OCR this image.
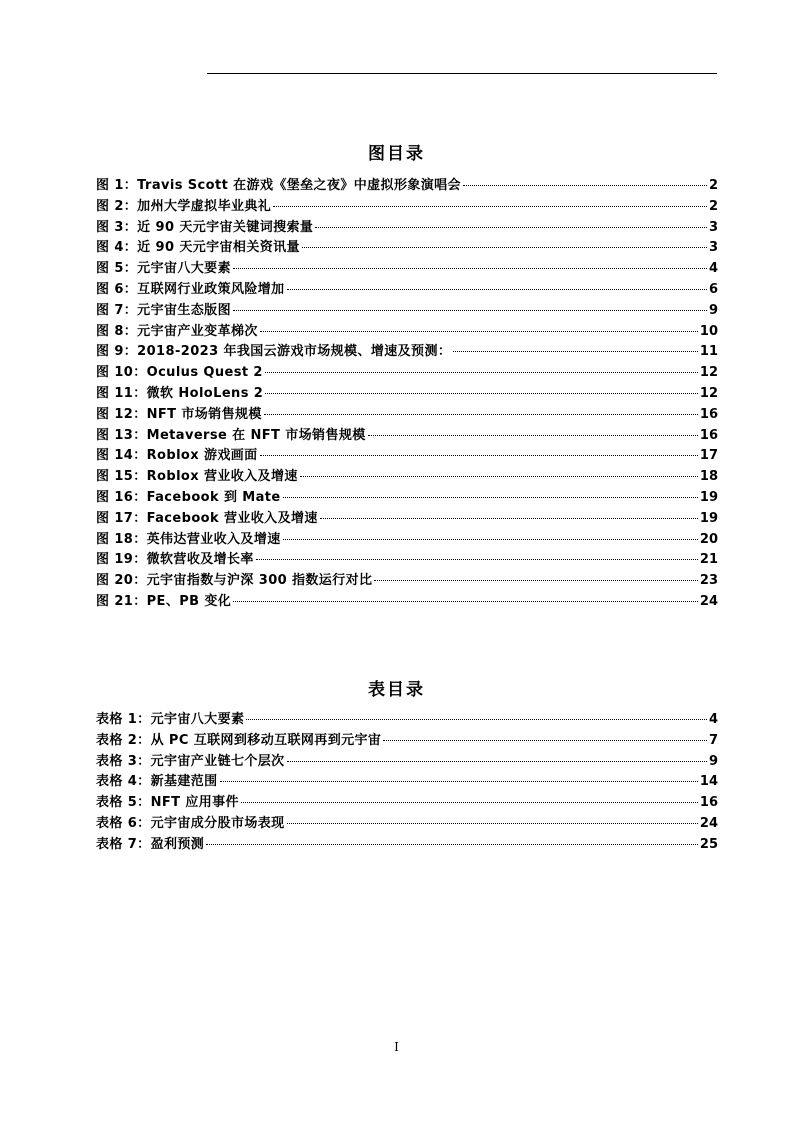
图目录
图 1：Travis Scott 在游戏《堡垒之夜》中虚拟形象演唱会	2
图 2：加州大学虚拟毕业典礼	2
图 3：近 90 天元宇宙关键词搜索量	3
图 4：近 90 天元宇宙相关资讯量	3
图 5：元宇宙八大要素	4
图 6：互联网行业政策风险增加	6
图 7：元宇宙生态版图	9
图 8：元宇宙产业变革梯次	10
图 9：2018-2023 年我国云游戏市场规模、增速及预测：	11
图 10：Oculus Quest 2	12
图 11：微软 HoloLens 2	12
图 12：NFT 市场销售规模	16
图 13：Metaverse 在 NFT 市场销售规模	16
图 14：Roblox 游戏画面	17
图 15：Roblox 营业收入及增速	18
图 16：Facebook 到 Mate	19
图 17：Facebook 营业收入及增速	19
图 18：英伟达营业收入及增速	20
图 19：微软营收及增长率	21
图 20：元宇宙指数与沪深 300 指数运行对比	23
图 21：PE、PB 变化	24
表目录
表格 1：元宇宙八大要素	4
表格 2：从 PC 互联网到移动互联网再到元宇宙	7
表格 3：元宇宙产业链七个层次	9
表格 4：新基建范围	14
表格 5：NFT 应用事件	16
表格 6：元宇宙成分股市场表现	24
表格 7：盈利预测	25
I
